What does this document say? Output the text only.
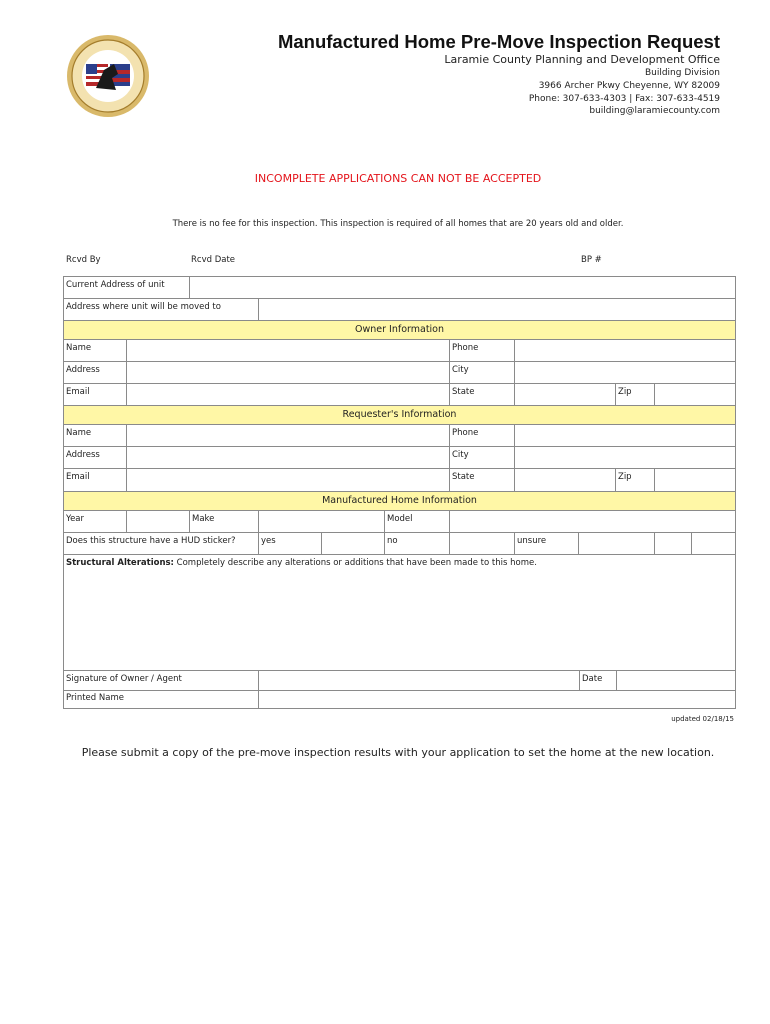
Manufactured Home Pre-Move Inspection Request
Laramie County Planning and Development Office
Building Division
3966 Archer Pkwy Cheyenne, WY 82009
Phone: 307-633-4303 | Fax: 307-633-4519
building@laramiecounty.com
INCOMPLETE APPLICATIONS CAN NOT BE ACCEPTED
There is no fee for this inspection. This inspection is required of all homes that are 20 years old and older.
Rcvd By	Rcvd Date	BP #
Current Address of unit
Address where unit will be moved to
Owner Information
Name	Phone
Address	City
Email	State	Zip
Requester's Information
Name	Phone
Address	City
Email	State	Zip
Manufactured Home Information
Year	Make	Model
Does this structure have a HUD sticker?	yes	no	unsure
Structural Alterations: Completely describe any alterations or additions that have been made to this home.
Signature of Owner / Agent	Date
Printed Name
updated 02/18/15
Please submit a copy of the pre-move inspection results with your application to set the home at the new location.
